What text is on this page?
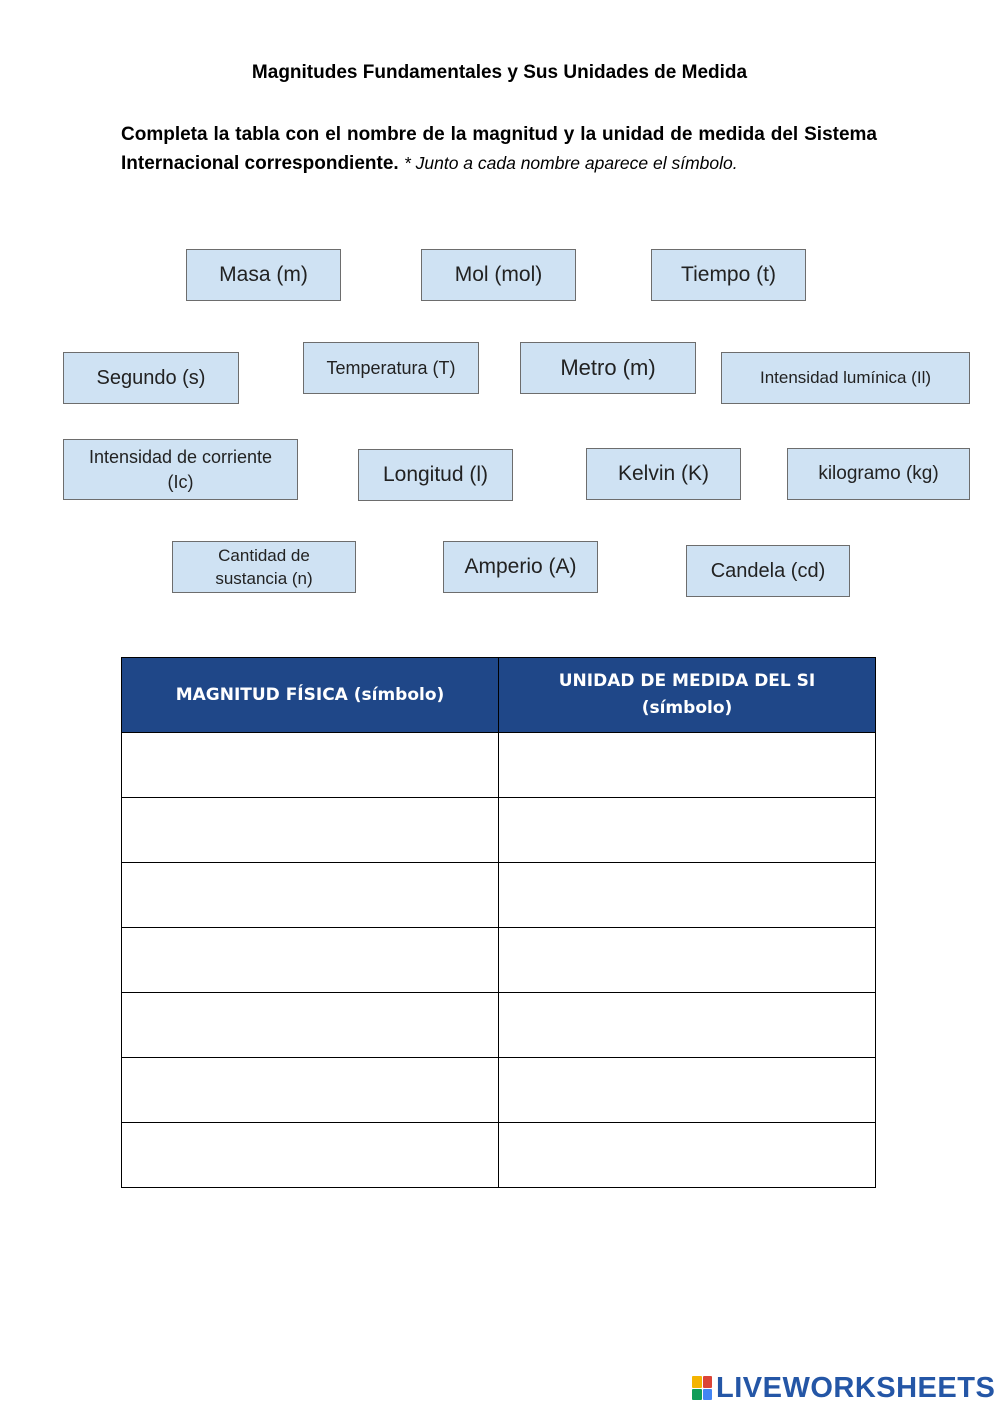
Magnitudes Fundamentales y Sus Unidades de Medida
Completa la tabla con el nombre de la magnitud y la unidad de medida del Sistema Internacional correspondiente. * Junto a cada nombre aparece el símbolo.
Masa (m)	Mol (mol)	Tiempo (t)
Segundo (s)	Temperatura (T)	Metro (m)	Intensidad lumínica (Il)
Intensidad de corriente (Ic)	Longitud (l)	Kelvin (K)	kilogramo (kg)
Cantidad de sustancia (n)
Amperio (A)	Candela (cd)
MAGNITUD FÍSICA (símbolo)	UNIDAD DE MEDIDA DEL SI (símbolo)

LIVEWORKSHEETS
